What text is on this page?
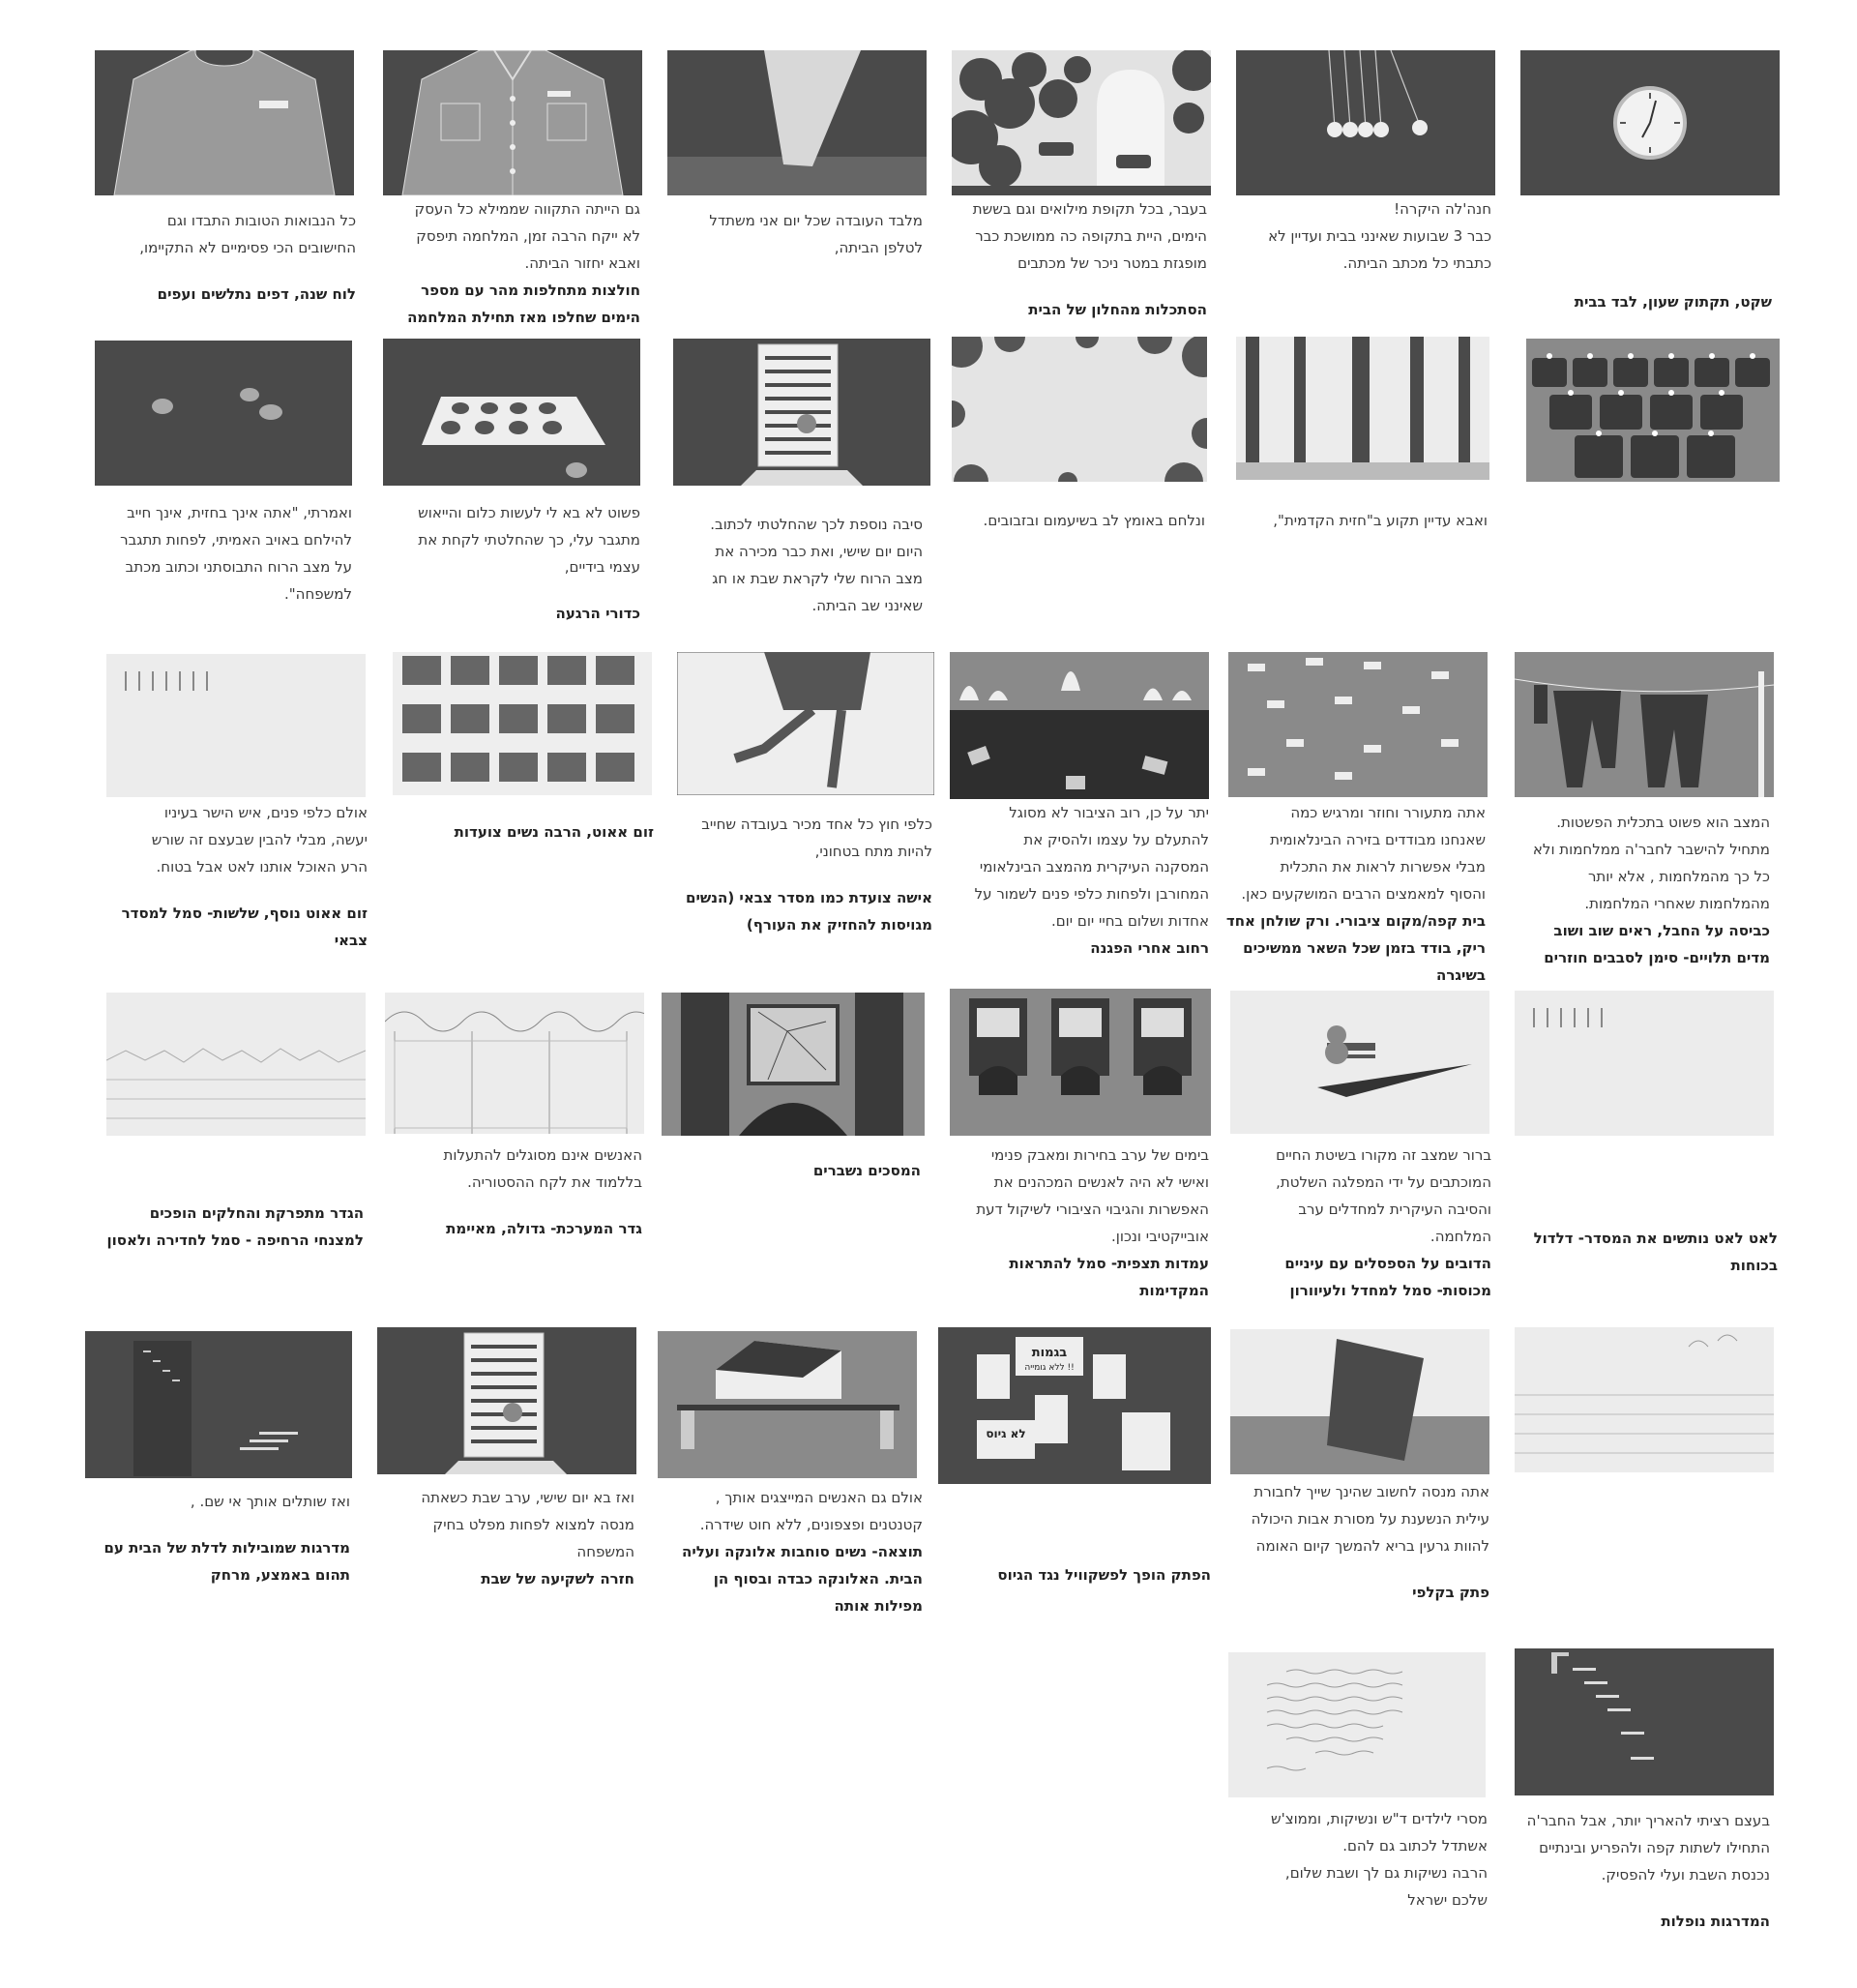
שקט, תקתוק שעון, לבד בבית

חנה'לה היקרה!

כבר 3 שבועות שאינני בבית ועדיין לא

כתבתי כל מכתב הביתה.

בעבר, בכל תקופת מילואים וגם בששת

הימים, היית בתקופה כה ממושכת כבר

מופגזת במטר ניכר של מכתבים

הסתכלות מהחלון של הבית

מלבד העובדה שכל יום אני משתדל

לטלפן הביתה,

גם הייתה התקווה שממילא כל העסק

לא ייקח הרבה זמן, המלחמה תיפסק

ואבא יחזור הביתה.

חולצות מתחלפות מהר עם מספר

הימים שחלפו מאז תחילת המלחמה

כל הנבואות הטובות התבדו וגם

החישובים הכי פסימיים לא התקיימו,

לוח שנה, דפים נתלשים ועפים

ואבא עדיין תקוע ב"חזית הקדמית",

ונלחם באומץ לב בשיעמום ובזבובים.

סיבה נוספת לכך שהחלטתי לכתוב.

היום יום שישי, ואת כבר מכירה את

מצב הרוח שלי לקראת שבת או חג

שאינני שב הביתה.

פשוט לא בא לי לעשות כלום והייאוש

מתגבר עלי, כך שהחלטתי לקחת את

עצמי בידיים,

כדורי הרגעה

ואמרתי, "אתה אינך בחזית, אינך חייב

להילחם באויב האמיתי, לפחות תתגבר

על מצב הרוח התבוסתני וכתוב מכתב

למשפחה".

המצב הוא פשוט בתכלית הפשטות.

מתחיל להישבר לחבר'ה ממלחמות ולא

כל כך מהמלחמות , אלא יותר

מהמלחמות שאחרי המלחמות.

כביסה על החבל, ראים שוב ושוב

מדים תלויים- סימן לסבבים חוזרים

אתה מתעורר וחוזר ומרגיש כמה

שאנחנו מבודדים בזירה הבינלאומית

מבלי אפשרות לראות את התכלית

והסוף למאמצים הרבים המושקעים כאן.

בית קפה/מקום ציבורי. ורק שולחן אחד

ריק, בודד בזמן שכל השאר ממשיכים

בשיגרה

יתר על כן, רוב הציבור לא מסוגל

להתעלם על עצמו ולהסיק את

המסקנה העיקרית מהמצב הבינלאומי

המחורבן ולפחות כלפי פנים לשמור על

אחדות ושלום בחיי יום יום.

רחוב אחרי הפגנה

כלפי חוץ כל אחד מכיר בעובדה שחייב

להיות מתח בטחוני,

אישה צועדת כמו מסדר צבאי (הנשים

מגויסות להחזיק את העורף)

זום אאוט, הרבה נשים צועדות

אולם כלפי פנים, איש הישר בעיניו

יעשה, מבלי להבין שבעצם זה שורש

הרע האוכל אותנו לאט אבל בטוח.

זום אאוט נוסף, שלשות- סמל למסדר

צבאי

לאט לאט נותשים את המסדר- דלדול

בכוחות

ברור שמצב זה מקורו בשיטת החיים

המוכתבים על ידי המפלגה השלטת,

והסיבה העיקרית למחדלים ערב

המלחמה.

הדובים על הספסלים עם עיניים

מכוסות- סמל למחדל ולעיוורון

בימים של ערב בחירות ומאבק פנימי

ואישי לא היה לאנשים המכהנים את

האפשרות והגיבוי הציבורי לשיקול דעת

אובייקטיבי ונכון.

עמדות תצפית- סמל להתראות

המקדימות

המסכים נשברים

האנשים אינם מסוגלים להתעלות

בללמוד את לקח ההסטוריה.

גדר המערכת- גדולה, מאיימת

הגדר מתפרקת והחלקים הופכים

למצנחי הרחיפה - סמל לחדירה ולאסון

בגמות
ללא גומייה !!
לא גיוס

אתה מנסה לחשוב שהינך שייך לחבורת

עילית הנשענת על מסורת אבות היכולה

להוות גרעין בריא להמשך קיום האומה

פתק בקלפי

הפתק הופך לפשקוויל נגד הגיוס

אולם גם האנשים המייצגים אותך ,

קטנטנים ופצפונים, ללא חוט שידרה.

תוצאה- נשים סוחבות אלונקה ועליה

הבית. האלונקה כבדה ובסוף הן

מפילות אותה

ואז בא יום שישי, ערב שבת כשאתה

מנסה למצוא לפחות מפלט בחיק

המשפחה

חזרה לשקיעה של שבת

ואז שותלים אותך אי שם. ,

מדרגות שמובילות לדלת של הבית עם

תהום באמצע, מרחק

בעצם רציתי להאריך יותר, אבל החבר'ה

התחילו לשתות קפה ולהפריע ובינתיים

נכנסת השבת ועלי להפסיק.

המדרגות נופלות

מסרי לילדים ד"ש ונשיקות, וממוצ'ש

אשתדל לכתוב גם להם.

הרבה נשיקות גם לך ושבת שלום,

שלכם ישראל
